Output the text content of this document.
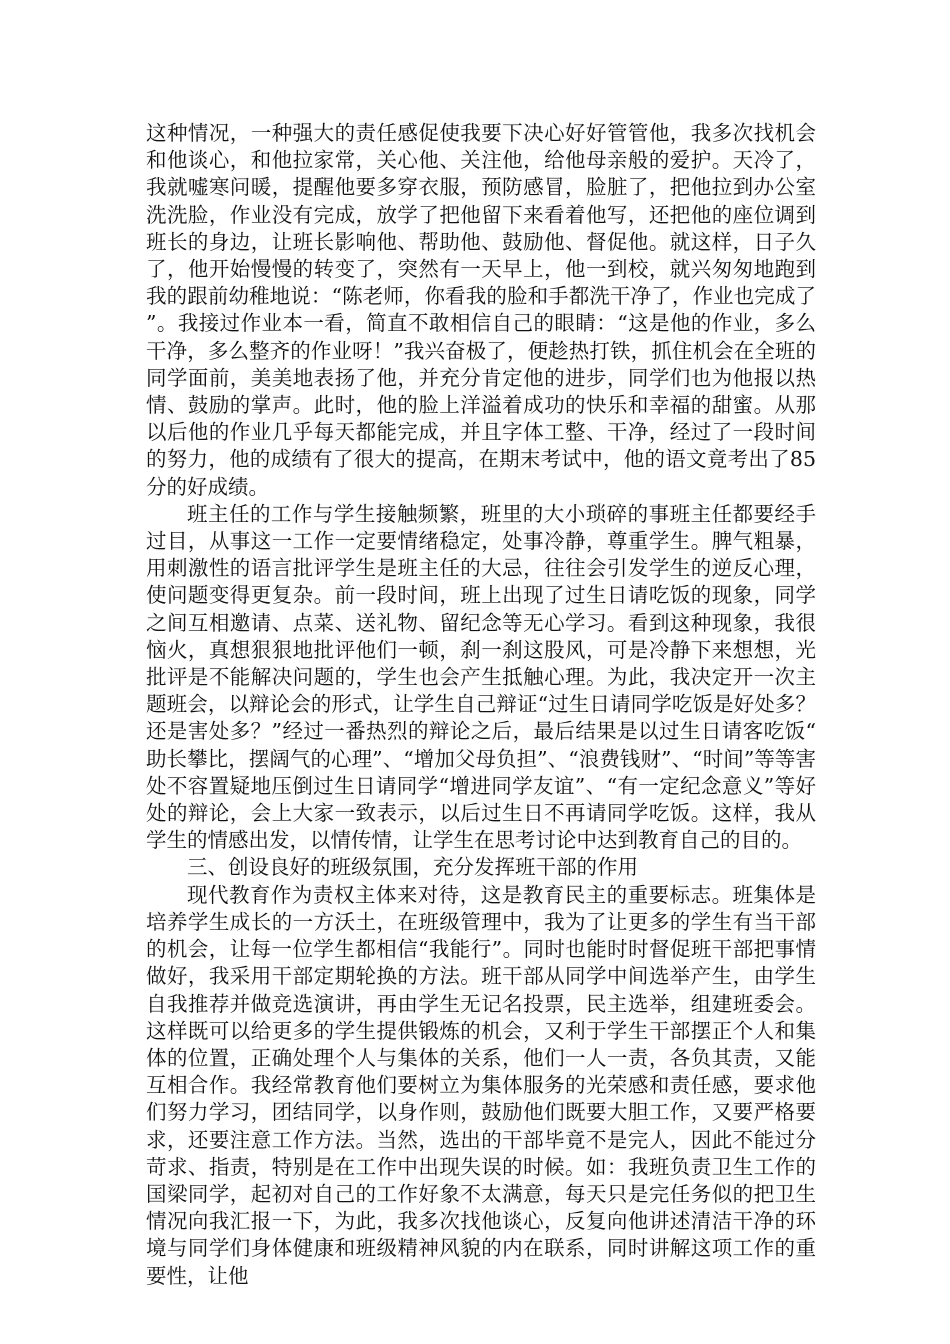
这种情况，一种强大的责任感促使我要下决心好好管管他，我多次找机会和他谈心，和他拉家常，关心他、关注他，给他母亲般的爱护。天冷了，我就嘘寒问暖，提醒他要多穿衣服，预防感冒，脸脏了，把他拉到办公室洗洗脸，作业没有完成，放学了把他留下来看着他写，还把他的座位调到班长的身边，让班长影响他、帮助他、鼓励他、督促他。就这样，日子久了，他开始慢慢的转变了，突然有一天早上，他一到校，就兴匆匆地跑到我的跟前幼稚地说：“陈老师，你看我的脸和手都洗干净了，作业也完成了”。我接过作业本一看，简直不敢相信自己的眼睛：“这是他的作业，多么干净，多么整齐的作业呀！”我兴奋极了，便趁热打铁，抓住机会在全班的同学面前，美美地表扬了他，并充分肯定他的进步，同学们也为他报以热情、鼓励的掌声。此时，他的脸上洋溢着成功的快乐和幸福的甜蜜。从那以后他的作业几乎每天都能完成，并且字体工整、干净，经过了一段时间的努力，他的成绩有了很大的提高，在期末考试中，他的语文竟考出了85分的好成绩。

班主任的工作与学生接触频繁，班里的大小琐碎的事班主任都要经手过目，从事这一工作一定要情绪稳定，处事冷静，尊重学生。脾气粗暴，用刺激性的语言批评学生是班主任的大忌，往往会引发学生的逆反心理，使问题变得更复杂。前一段时间，班上出现了过生日请吃饭的现象，同学之间互相邀请、点菜、送礼物、留纪念等无心学习。看到这种现象，我很恼火，真想狠狠地批评他们一顿，刹一刹这股风，可是冷静下来想想，光批评是不能解决问题的，学生也会产生抵触心理。为此，我决定开一次主题班会，以辩论会的形式，让学生自己辩证“过生日请同学吃饭是好处多？还是害处多？”经过一番热烈的辩论之后，最后结果是以过生日请客吃饭“助长攀比，摆阔气的心理”、“增加父母负担”、“浪费钱财”、“时间”等等害处不容置疑地压倒过生日请同学“增进同学友谊”、“有一定纪念意义”等好处的辩论，会上大家一致表示，以后过生日不再请同学吃饭。这样，我从学生的情感出发，以情传情，让学生在思考讨论中达到教育自己的目的。

三、创设良好的班级氛围，充分发挥班干部的作用

现代教育作为责权主体来对待，这是教育民主的重要标志。班集体是培养学生成长的一方沃土，在班级管理中，我为了让更多的学生有当干部的机会，让每一位学生都相信“我能行”。同时也能时时督促班干部把事情做好，我采用干部定期轮换的方法。班干部从同学中间选举产生，由学生自我推荐并做竞选演讲，再由学生无记名投票，民主选举，组建班委会。这样既可以给更多的学生提供锻炼的机会，又利于学生干部摆正个人和集体的位置，正确处理个人与集体的关系，他们一人一责，各负其责，又能互相合作。我经常教育他们要树立为集体服务的光荣感和责任感，要求他们努力学习，团结同学，以身作则，鼓励他们既要大胆工作，又要严格要求，还要注意工作方法。当然，选出的干部毕竟不是完人，因此不能过分苛求、指责，特别是在工作中出现失误的时候。如：我班负责卫生工作的国梁同学，起初对自己的工作好象不太满意，每天只是完任务似的把卫生情况向我汇报一下，为此，我多次找他谈心，反复向他讲述清洁干净的环境与同学们身体健康和班级精神风貌的内在联系，同时讲解这项工作的重要性，让他
